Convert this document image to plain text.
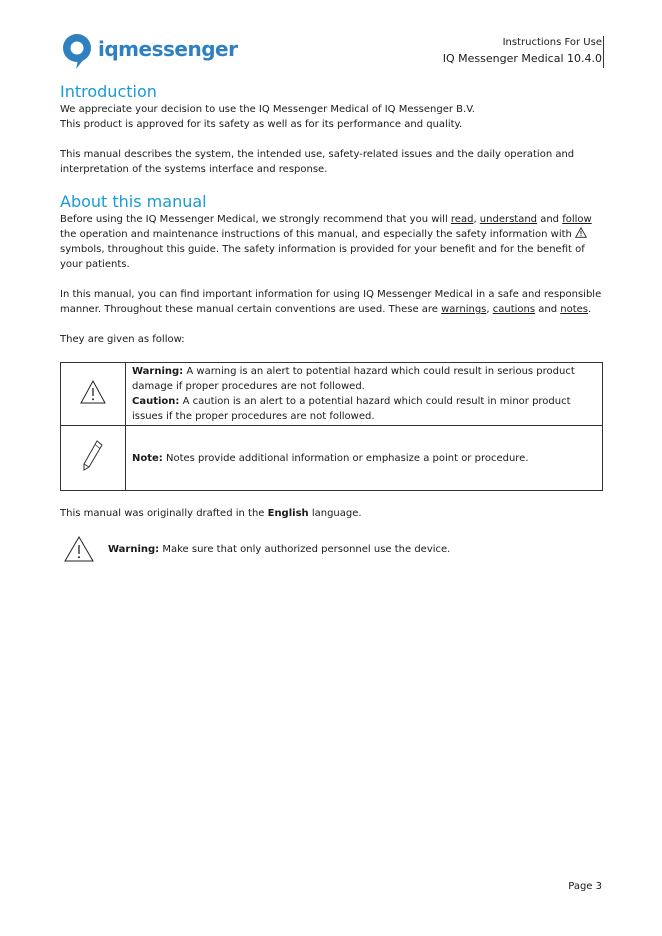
iqmessenger	Instructions For Use
IQ Messenger Medical 10.4.0
Introduction

We appreciate your decision to use the IQ Messenger Medical of IQ Messenger B.V.

This product is approved for its safety as well as for its performance and quality.

This manual describes the system, the intended use, safety-related issues and the daily operation and interpretation of the systems interface and response.

About this manual

Before using the IQ Messenger Medical, we strongly recommend that you will read, understand and follow the operation and maintenance instructions of this manual, and especially the safety information with  symbols, throughout this guide. The safety information is provided for your benefit and for the benefit of your patients.

In this manual, you can find important information for using IQ Messenger Medical in a safe and responsible manner. Throughout these manual certain conventions are used. These are warnings, cautions and notes.

They are given as follow:

Warning: A warning is an alert to potential hazard which could result in serious product damage if proper procedures are not followed.
Caution: A caution is an alert to a potential hazard which could result in minor product issues if the proper procedures are not followed.

	Note: Notes provide additional information or emphasize a point or procedure.

This manual was originally drafted in the English language.

Warning: Make sure that only authorized personnel use the device.
Page 3
